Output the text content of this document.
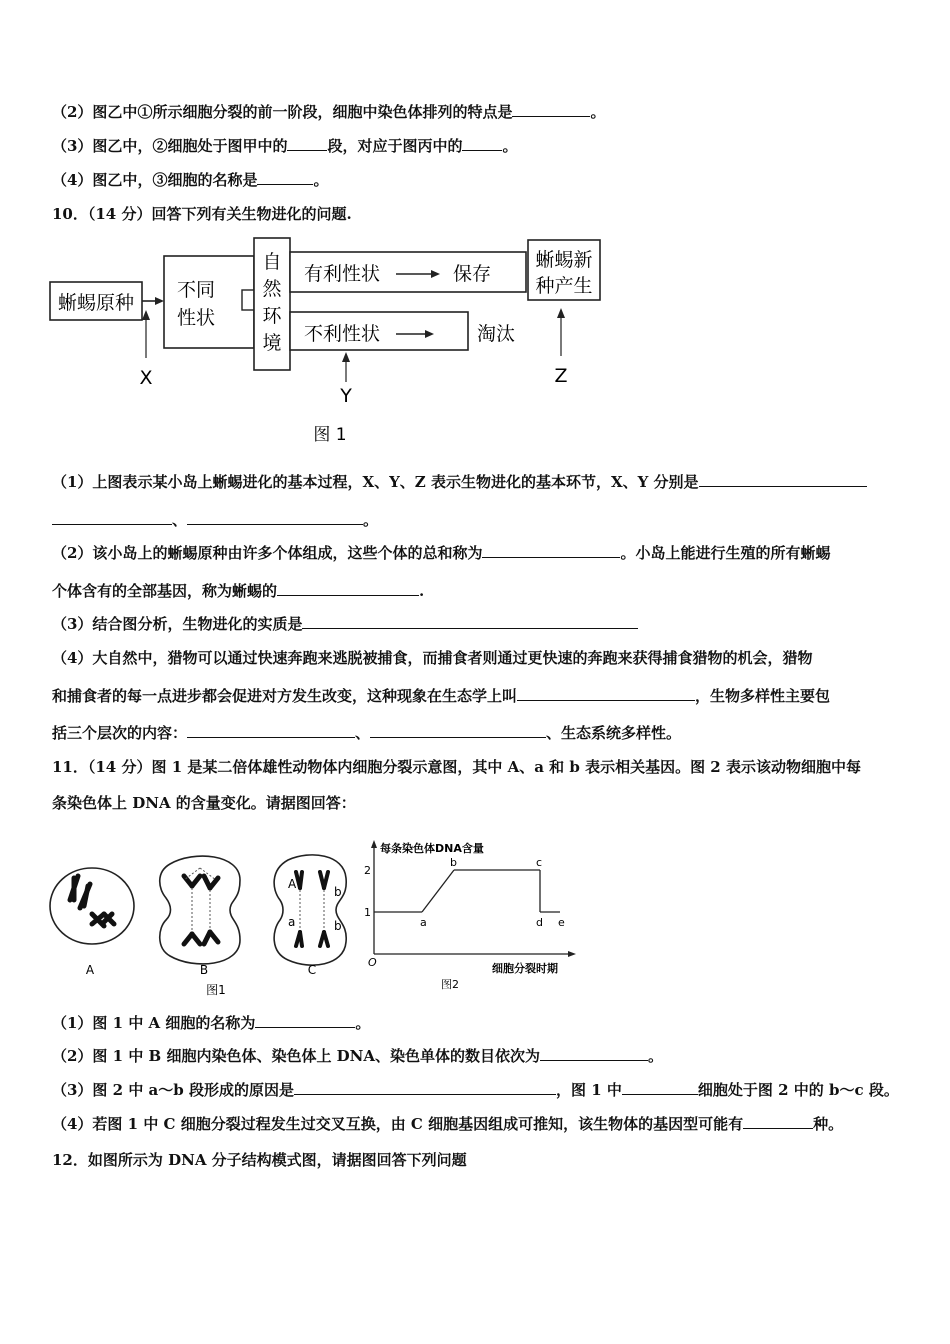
（2）图乙中①所示细胞分裂的前一阶段，细胞中染色体排列的特点是	。
（3）图乙中，②细胞处于图甲中的	段，对应于图丙中的	。
（4）图乙中，③细胞的名称是	。
10．（14 分）回答下列有关生物进化的问题.
蜥蜴原种
不同
性状
自
然
环
境
有利性状	保存
不利性状	淘汰
蜥蜴新
种产生
X
Y
Z
图 1
（1）上图表示某小岛上蜥蜴进化的基本过程，X、Y、Z 表示生物进化的基本环节，X、Y 分别是
、	。
（2）该小岛上的蜥蜴原种由许多个体组成，这些个体的总和称为	。小岛上能进行生殖的所有蜥蜴
个体含有的全部基因，称为蜥蜴的	.
（3）结合图分析，生物进化的实质是
（4）大自然中，猎物可以通过快速奔跑来逃脱被捕食，而捕食者则通过更快速的奔跑来获得捕食猎物的机会，猎物
和捕食者的每一点进步都会促进对方发生改变，这种现象在生态学上叫	，生物多样性主要包
括三个层次的内容：	、	、生态系统多样性。
11．（14 分）图 1 是某二倍体雄性动物体内细胞分裂示意图，其中 A、a 和 b 表示相关基因。图 2 表示该动物细胞中每
条染色体上 DNA 的含量变化。请据图回答：
A	B
A
a
b
b
C
图1
每条染色体DNA含量
1
2
a
b	c
d e
O	细胞分裂时期
图2
（1）图 1 中 A 细胞的名称为	。
（2）图 1 中 B 细胞内染色体、染色体上 DNA、染色单体的数目依次为	。
（3）图 2 中 a～b 段形成的原因是	，图 1 中	细胞处于图 2 中的 b～c 段。
（4）若图 1 中 C 细胞分裂过程发生过交叉互换，由 C 细胞基因组成可推知，该生物体的基因型可能有	种。
12．如图所示为 DNA 分子结构模式图，请据图回答下列问题
